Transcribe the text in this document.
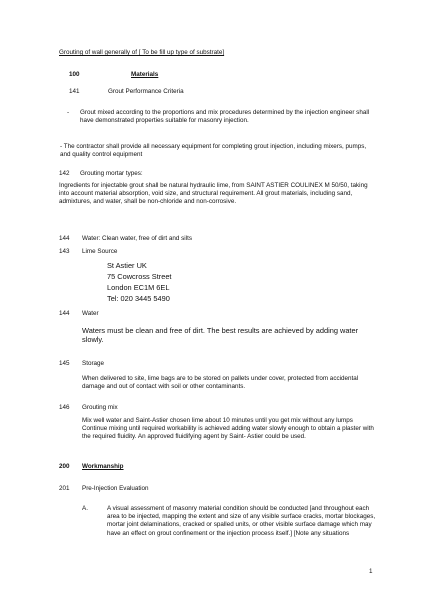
Grouting of wall generally of [ To be fill up type of substrate]

100	Materials

141	Grout Performance Criteria

- Grout mixed according to the proportions and mix procedures determined by the injection engineer shall have demonstrated properties suitable for masonry injection.

- The contractor shall provide all necessary equipment for completing grout injection, including mixers, pumps, and quality control equipment

142 Grouting mortar types:

Ingredients for injectable grout shall be natural hydraulic lime, from SAINT ASTIER COULINEX M 50/50, taking into account material absorption, void size, and structural requirement. All grout materials, including sand, admixtures, and water, shall be non-chloride and non-corrosive.

144 Water: Clean water, free of dirt and silts

143 Lime Source

St Astier UK

75 Cowcross Street

London EC1M 6EL

Tel: 020 3445 5490

144 Water

Waters must be clean and free of dirt. The best results are achieved by adding water slowly.

145 Storage

When delivered to site, lime bags are to be stored on pallets under cover, protected from accidental damage and out of contact with soil or other contaminants.

146 Grouting mix

Mix well water and Saint-Astier chosen lime about 10 minutes until you get mix without any lumps Continue mixing until required workability is achieved adding water slowly enough to obtain a plaster with the required fluidity. An approved fluidifying agent by Saint- Astier could be used.

200 Workmanship

201 Pre-Injection Evaluation

A.	A visual assessment of masonry material condition should be conducted [and throughout each area to be injected, mapping the extent and size of any visible surface cracks, mortar blockages, mortar joint delaminations, cracked or spalled units, or other visible surface damage which may have an effect on grout confinement or the injection process itself.] [Note any situations

1
